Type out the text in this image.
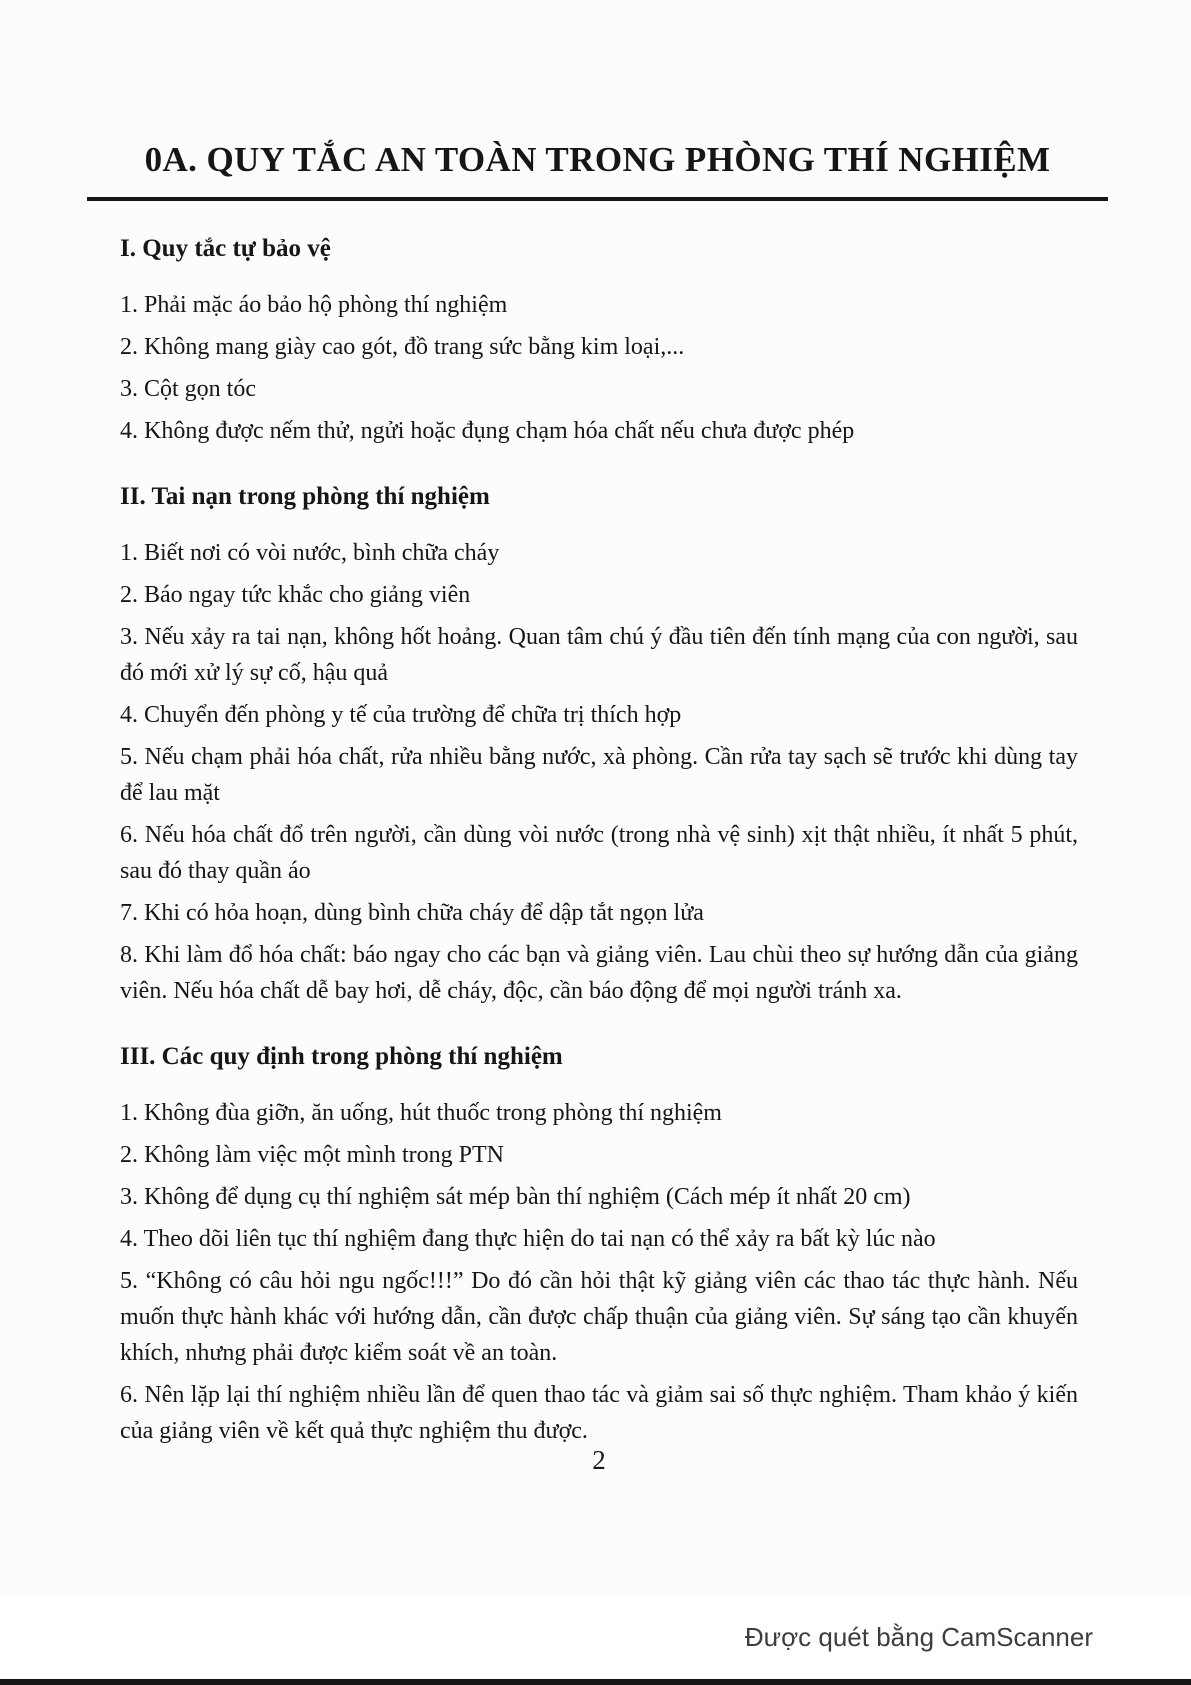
0A. QUY TẮC AN TOÀN TRONG PHÒNG THÍ NGHIỆM
I. Quy tắc tự bảo vệ

1. Phải mặc áo bảo hộ phòng thí nghiệm

2. Không mang giày cao gót, đồ trang sức bằng kim loại,...

3. Cột gọn tóc

4. Không được nếm thử, ngửi hoặc đụng chạm hóa chất nếu chưa được phép

II. Tai nạn trong phòng thí nghiệm

1. Biết nơi có vòi nước, bình chữa cháy

2. Báo ngay tức khắc cho giảng viên

3. Nếu xảy ra tai nạn, không hốt hoảng. Quan tâm chú ý đầu tiên đến tính mạng của con người, sau đó mới xử lý sự cố, hậu quả

4. Chuyển đến phòng y tế của trường để chữa trị thích hợp

5. Nếu chạm phải hóa chất, rửa nhiều bằng nước, xà phòng. Cần rửa tay sạch sẽ trước khi dùng tay để lau mặt

6. Nếu hóa chất đổ trên người, cần dùng vòi nước (trong nhà vệ sinh) xịt thật nhiều, ít nhất 5 phút, sau đó thay quần áo

7. Khi có hỏa hoạn, dùng bình chữa cháy để dập tắt ngọn lửa

8. Khi làm đổ hóa chất: báo ngay cho các bạn và giảng viên. Lau chùi theo sự hướng dẫn của giảng viên. Nếu hóa chất dễ bay hơi, dễ cháy, độc, cần báo động để mọi người tránh xa.

III. Các quy định trong phòng thí nghiệm

1. Không đùa giỡn, ăn uống, hút thuốc trong phòng thí nghiệm

2. Không làm việc một mình trong PTN

3. Không để dụng cụ thí nghiệm sát mép bàn thí nghiệm (Cách mép ít nhất 20 cm)

4. Theo dõi liên tục thí nghiệm đang thực hiện do tai nạn có thể xảy ra bất kỳ lúc nào

5. “Không có câu hỏi ngu ngốc!!!” Do đó cần hỏi thật kỹ giảng viên các thao tác thực hành. Nếu muốn thực hành khác với hướng dẫn, cần được chấp thuận của giảng viên. Sự sáng tạo cần khuyến khích, nhưng phải được kiểm soát về an toàn.

6. Nên lặp lại thí nghiệm nhiều lần để quen thao tác và giảm sai số thực nghiệm. Tham khảo ý kiến của giảng viên về kết quả thực nghiệm thu được.

2
Được quét bằng CamScanner
